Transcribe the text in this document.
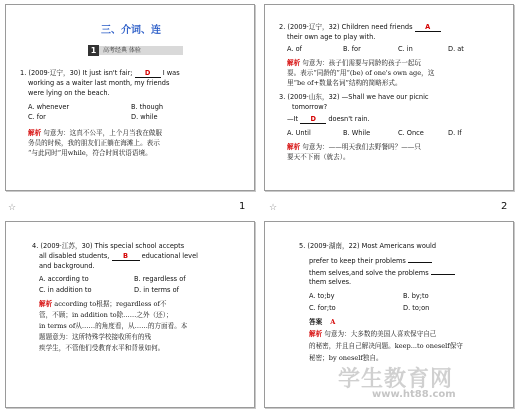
三、介词、连
1	高考经典 体验
1. (2009·辽宁，30) It just isn't fair; D I was
working as a waiter last month, my friends
were lying on the beach.
A. whenever	B. though
C. for	D. while
解析 句意为：这真不公平，上个月当我在做服
务员的时候，我的朋友们正躺在海滩上。表示
“与此同时”用while，符合时间状语语境。
☆	1
2. (2009·辽宁，32) Children need friends A
their own age to play with.
A. of	B. for	C. in	D. at
解析 句意为：孩子们需要与同龄的孩子一起玩
耍。表示“同龄的”用“(be) of one's own age，这
里“be of+数量名词”结构的简略形式。
3. (2009·山东，32) —Shall we have our picnic
tomorrow?
—It D doesn't rain.
A. Until	B. While	C. Once	D. If
解析 句意为：——明天我们去野餐吗？——只
要天不下雨（就去）。
☆	2
4. (2009·江苏，30) This special school accepts
all disabled students, B educational level
and background.
A. according to	B. regardless of
C. in addition to	D. in terms of
解析 according to根据；regardless of不
管，不顾；in addition to除……之外（还）；
in terms of从……的角度看，从……的方面看。本
题题意为：这所特殊学校接收所有的残
疾学生，不管他们受教育水平和背景如何。
5. (2009·湖南，22) Most Americans would
prefer to keep their problems
them selves,and solve the problems
them selves.
A. to;by	B. by;to
C. for;to	D. to;on
答案 A
解析 句意为：大多数的美国人喜欢保守自己
的秘密，并且自己解决问题。keep...to oneself保守
秘密；by oneself独自。
学生教育网
www.ht88.com
